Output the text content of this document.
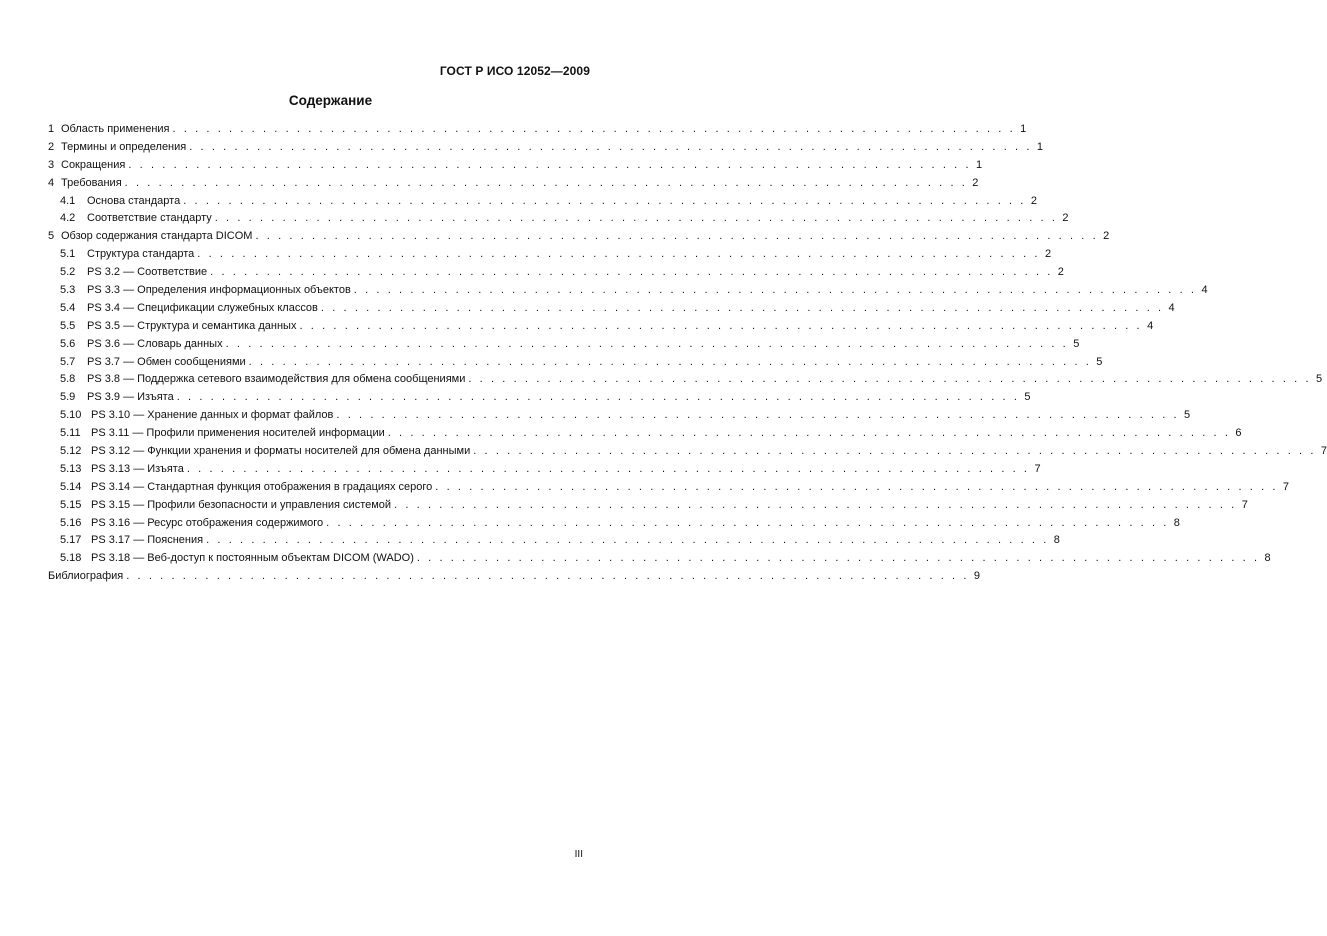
ГОСТ Р ИСО 12052—2009
Содержание
1 Область применения . . . . . . . . . . . . . . . . . . . . . . . . . . . . . . . . . . . . . . . . . . . . . . . . . . . . . . . . . . . . . . . . . . . . . . . . . . . 1
2 Термины и определения . . . . . . . . . . . . . . . . . . . . . . . . . . . . . . . . . . . . . . . . . . . . . . . . . . . . . . . . . . . . . . . . . . . . . . . . . . . 1
3 Сокращения . . . . . . . . . . . . . . . . . . . . . . . . . . . . . . . . . . . . . . . . . . . . . . . . . . . . . . . . . . . . . . . . . . . . . . . . . . . 1
4 Требования . . . . . . . . . . . . . . . . . . . . . . . . . . . . . . . . . . . . . . . . . . . . . . . . . . . . . . . . . . . . . . . . . . . . . . . . . . . 2
4.1	Основа стандарта . . . . . . . . . . . . . . . . . . . . . . . . . . . . . . . . . . . . . . . . . . . . . . . . . . . . . . . . . . . . . . . . . . . . . . . . . . . 2
4.2	Соответствие стандарту . . . . . . . . . . . . . . . . . . . . . . . . . . . . . . . . . . . . . . . . . . . . . . . . . . . . . . . . . . . . . . . . . . . . . . . . . . . 2
5 Обзор содержания стандарта DICOM . . . . . . . . . . . . . . . . . . . . . . . . . . . . . . . . . . . . . . . . . . . . . . . . . . . . . . . . . . . . . . . . . . . . . . . . . . . 2
5.1	Структура стандарта . . . . . . . . . . . . . . . . . . . . . . . . . . . . . . . . . . . . . . . . . . . . . . . . . . . . . . . . . . . . . . . . . . . . . . . . . . . 2
5.2	PS 3.2 — Соответствие . . . . . . . . . . . . . . . . . . . . . . . . . . . . . . . . . . . . . . . . . . . . . . . . . . . . . . . . . . . . . . . . . . . . . . . . . . . 2
5.3	PS 3.3 — Определения информационных объектов . . . . . . . . . . . . . . . . . . . . . . . . . . . . . . . . . . . . . . . . . . . . . . . . . . . . . . . . . . . . . . . . . . . . . . . . . . . 4
5.4	PS 3.4 — Спецификации служебных классов . . . . . . . . . . . . . . . . . . . . . . . . . . . . . . . . . . . . . . . . . . . . . . . . . . . . . . . . . . . . . . . . . . . . . . . . . . . 4
5.5	PS 3.5 — Структура и семантика данных . . . . . . . . . . . . . . . . . . . . . . . . . . . . . . . . . . . . . . . . . . . . . . . . . . . . . . . . . . . . . . . . . . . . . . . . . . . 4
5.6	PS 3.6 — Словарь данных . . . . . . . . . . . . . . . . . . . . . . . . . . . . . . . . . . . . . . . . . . . . . . . . . . . . . . . . . . . . . . . . . . . . . . . . . . . 5
5.7	PS 3.7 — Обмен сообщениями . . . . . . . . . . . . . . . . . . . . . . . . . . . . . . . . . . . . . . . . . . . . . . . . . . . . . . . . . . . . . . . . . . . . . . . . . . . 5
5.8	PS 3.8 — Поддержка сетевого взаимодействия для обмена сообщениями . . . . . . . . . . . . . . . . . . . . . . . . . . . . . . . . . . . . . . . . . . . . . . . . . . . . . . . . . . . . . . . . . . . . . . . . . . . 5
5.9	PS 3.9 — Изъята . . . . . . . . . . . . . . . . . . . . . . . . . . . . . . . . . . . . . . . . . . . . . . . . . . . . . . . . . . . . . . . . . . . . . . . . . . . 5
5.10 PS 3.10 — Хранение данных и формат файлов . . . . . . . . . . . . . . . . . . . . . . . . . . . . . . . . . . . . . . . . . . . . . . . . . . . . . . . . . . . . . . . . . . . . . . . . . . . 5
5.11 PS 3.11 — Профили применения носителей информации . . . . . . . . . . . . . . . . . . . . . . . . . . . . . . . . . . . . . . . . . . . . . . . . . . . . . . . . . . . . . . . . . . . . . . . . . . . 6
5.12 PS 3.12 — Функции хранения и форматы носителей для обмена данными . . . . . . . . . . . . . . . . . . . . . . . . . . . . . . . . . . . . . . . . . . . . . . . . . . . . . . . . . . . . . . . . . . . . . . . . . . . 7
5.13 PS 3.13 — Изъята . . . . . . . . . . . . . . . . . . . . . . . . . . . . . . . . . . . . . . . . . . . . . . . . . . . . . . . . . . . . . . . . . . . . . . . . . . . 7
5.14 PS 3.14 — Стандартная функция отображения в градациях серого . . . . . . . . . . . . . . . . . . . . . . . . . . . . . . . . . . . . . . . . . . . . . . . . . . . . . . . . . . . . . . . . . . . . . . . . . . . 7
5.15 PS 3.15 — Профили безопасности и управления системой . . . . . . . . . . . . . . . . . . . . . . . . . . . . . . . . . . . . . . . . . . . . . . . . . . . . . . . . . . . . . . . . . . . . . . . . . . . 7
5.16 PS 3.16 — Ресурс отображения содержимого . . . . . . . . . . . . . . . . . . . . . . . . . . . . . . . . . . . . . . . . . . . . . . . . . . . . . . . . . . . . . . . . . . . . . . . . . . . 8
5.17 PS 3.17 — Пояснения . . . . . . . . . . . . . . . . . . . . . . . . . . . . . . . . . . . . . . . . . . . . . . . . . . . . . . . . . . . . . . . . . . . . . . . . . . . 8
5.18 PS 3.18 — Веб-доступ к постоянным объектам DICOM (WADO) . . . . . . . . . . . . . . . . . . . . . . . . . . . . . . . . . . . . . . . . . . . . . . . . . . . . . . . . . . . . . . . . . . . . . . . . . . . 8
Библиография . . . . . . . . . . . . . . . . . . . . . . . . . . . . . . . . . . . . . . . . . . . . . . . . . . . . . . . . . . . . . . . . . . . . . . . . . . . 9
III
